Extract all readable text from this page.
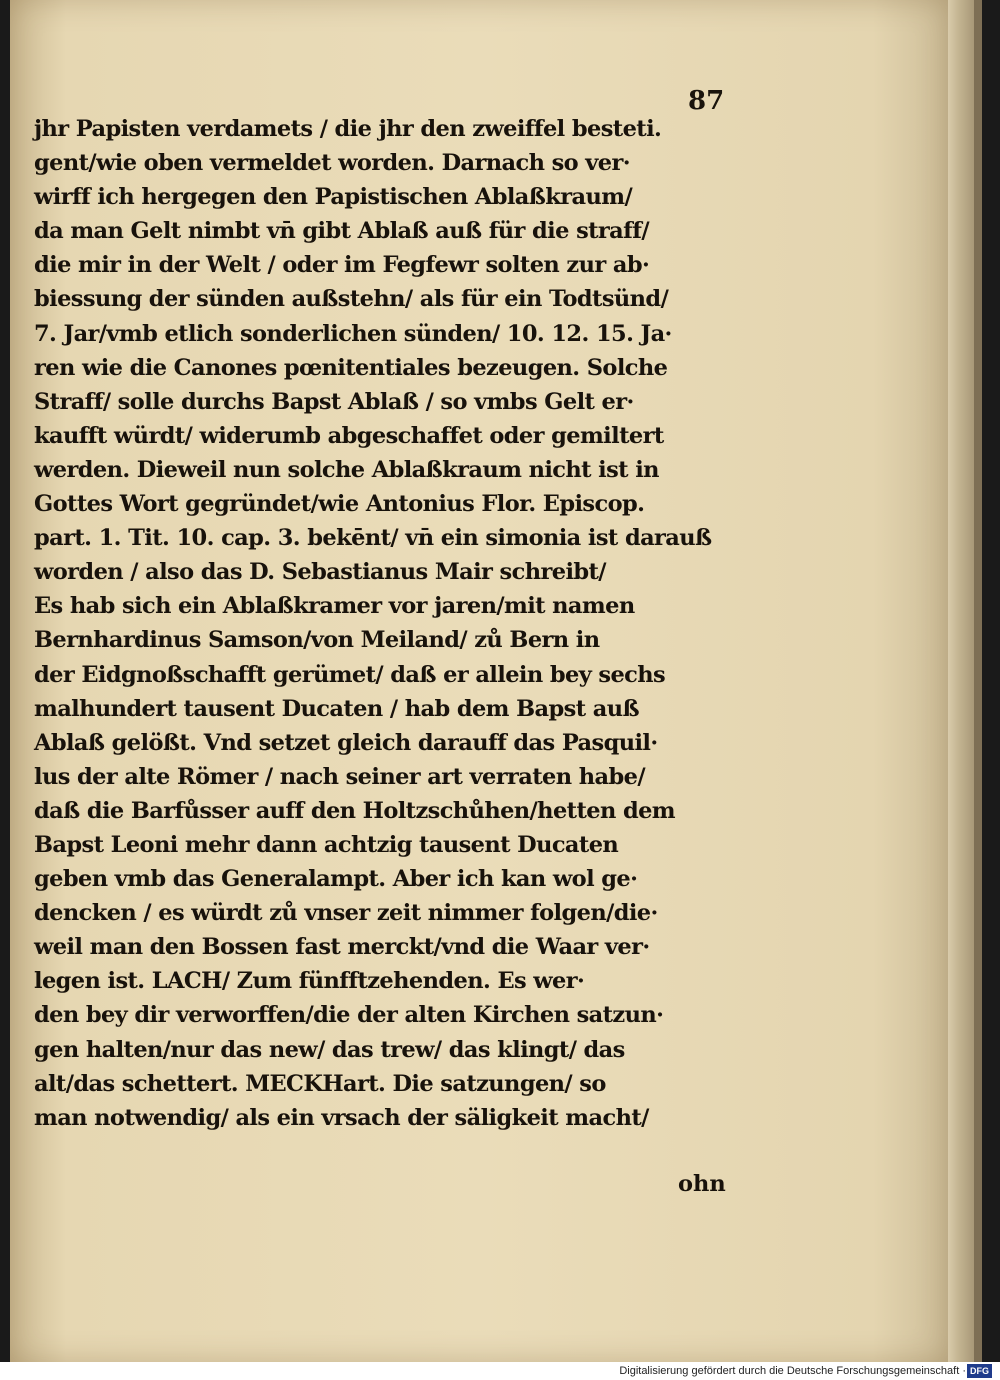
87
jhr Papisten verdamets / die jhr den zweiffel besteti.
gent/wie oben vermeldet worden. Darnach so ver·
wirff ich hergegen den Papistischen Ablaßkraum/
da man Gelt nimbt vn̄ gibt Ablaß auß für die straff/
die mir in der Welt / oder im Fegfewr solten zur ab·
biessung der sünden außstehn/ als für ein Todtsünd/
7. Jar/vmb etlich sonderlichen sünden/ 10. 12. 15. Ja·
ren wie die Canones pœnitentiales bezeugen. Solche
Straff/ solle durchs Bapst Ablaß / so vmbs Gelt er·
kaufft würdt/ widerumb abgeschaffet oder gemiltert
werden. Dieweil nun solche Ablaßkraum nicht ist in
Gottes Wort gegründet/wie Antonius Flor. Episcop.
part. 1. Tit. 10. cap. 3. bekēnt/ vn̄ ein simonia ist darauß
worden / also das D. Sebastianus Mair schreibt/
Es hab sich ein Ablaßkramer vor jaren/mit namen
Bernhardinus Samson/von Meiland/ zů Bern in
der Eidgnoßschafft gerümet/ daß er allein bey sechs
malhundert tausent Ducaten / hab dem Bapst auß
Ablaß gelößt. Vnd setzet gleich darauff das Pasquil·
lus der alte Römer / nach seiner art verraten habe/
daß die Barfůsser auff den Holtzschůhen/hetten dem
Bapst Leoni mehr dann achtzig tausent Ducaten
geben vmb das Generalampt. Aber ich kan wol ge·
dencken / es würdt zů vnser zeit nimmer folgen/die·
weil man den Bossen fast merckt/vnd die Waar ver·
legen ist. LACH/ Zum fünfftzehenden. Es wer·
den bey dir verworffen/die der alten Kirchen satzun·
gen halten/nur das new/ das trew/ das klingt/ das
alt/das schettert. MECKHart. Die satzungen/ so
man notwendig/ als ein vrsach der säligkeit macht/
ohn
Digitalisierung gefördert durch die Deutsche Forschungsgemeinschaft · DFG
